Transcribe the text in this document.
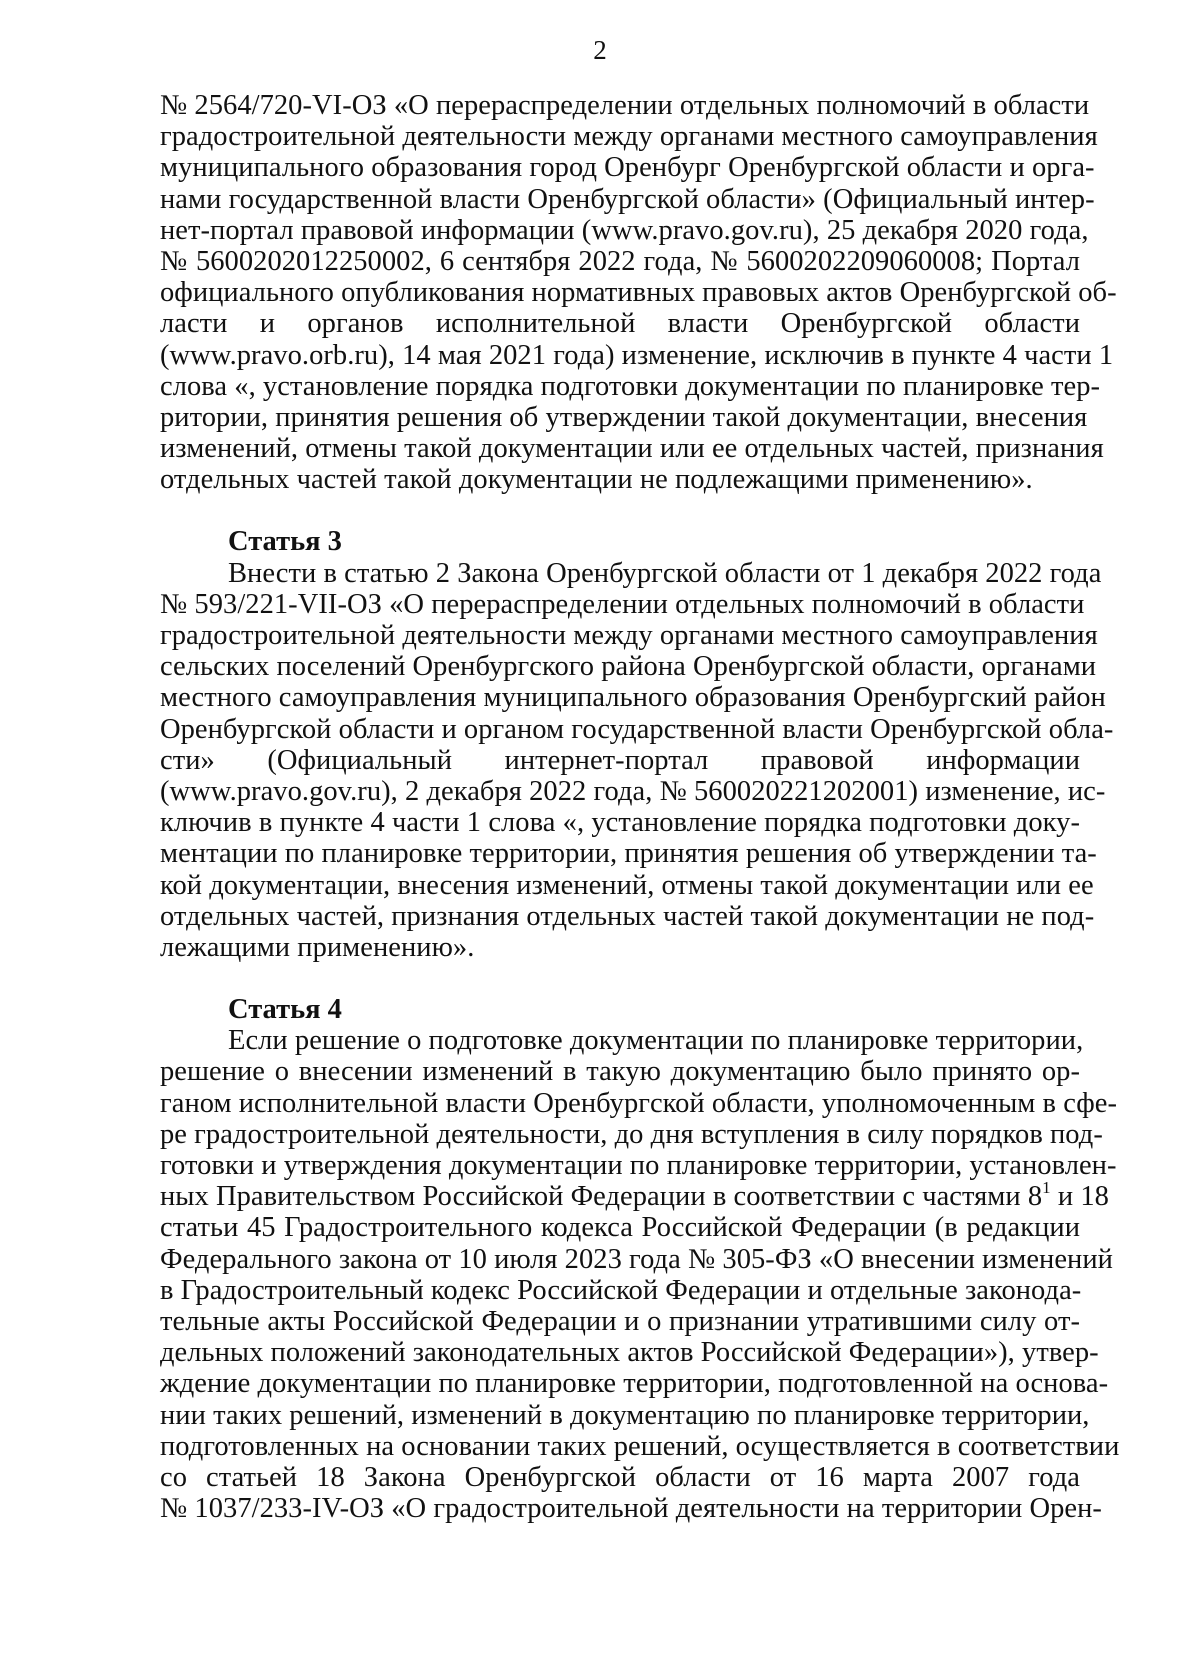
2
№ 2564/720-VI-ОЗ «О перераспределении отдельных полномочий в области
градостроительной деятельности между органами местного самоуправления
муниципального образования город Оренбург Оренбургской области и орга-
нами государственной власти Оренбургской области» (Официальный интер-
нет-портал правовой информации (www.pravo.gov.ru), 25 декабря 2020 года,
№ 5600202012250002, 6 сентября 2022 года, № 5600202209060008; Портал
официального опубликования нормативных правовых актов Оренбургской об-
ласти и органов исполнительной власти Оренбургской области
(www.pravo.orb.ru), 14 мая 2021 года) изменение, исключив в пункте 4 части 1
слова «, установление порядка подготовки документации по планировке тер-
ритории, принятия решения об утверждении такой документации, внесения
изменений, отмены такой документации или ее отдельных частей, признания
отдельных частей такой документации не подлежащими применению».
Статья 3
Внести в статью 2 Закона Оренбургской области от 1 декабря 2022 года
№ 593/221-VII-ОЗ «О перераспределении отдельных полномочий в области
градостроительной деятельности между органами местного самоуправления
сельских поселений Оренбургского района Оренбургской области, органами
местного самоуправления муниципального образования Оренбургский район
Оренбургской области и органом государственной власти Оренбургской обла-
сти» (Официальный интернет-портал правовой информации
(www.pravo.gov.ru), 2 декабря 2022 года, № 560020221202001) изменение, ис-
ключив в пункте 4 части 1 слова «, установление порядка подготовки доку-
ментации по планировке территории, принятия решения об утверждении та-
кой документации, внесения изменений, отмены такой документации или ее
отдельных частей, признания отдельных частей такой документации не под-
лежащими применению».
Статья 4
Если решение о подготовке документации по планировке территории,
решение о внесении изменений в такую документацию было принято ор-
ганом исполнительной власти Оренбургской области, уполномоченным в сфе-
ре градостроительной деятельности, до дня вступления в силу порядков под-
готовки и утверждения документации по планировке территории, установлен-
ных Правительством Российской Федерации в соответствии с частями $8^1$ и 18
статьи 45 Градостроительного кодекса Российской Федерации (в редакции
Федерального закона от 10 июля 2023 года № 305-ФЗ «О внесении изменений
в Градостроительный кодекс Российской Федерации и отдельные законода-
тельные акты Российской Федерации и о признании утратившими силу от-
дельных положений законодательных актов Российской Федерации»), утвер-
ждение документации по планировке территории, подготовленной на основа-
нии таких решений, изменений в документацию по планировке территории,
подготовленных на основании таких решений, осуществляется в соответствии
со статьей 18 Закона Оренбургской области от 16 марта 2007 года
№ 1037/233-IV-ОЗ «О градостроительной деятельности на территории Орен-
